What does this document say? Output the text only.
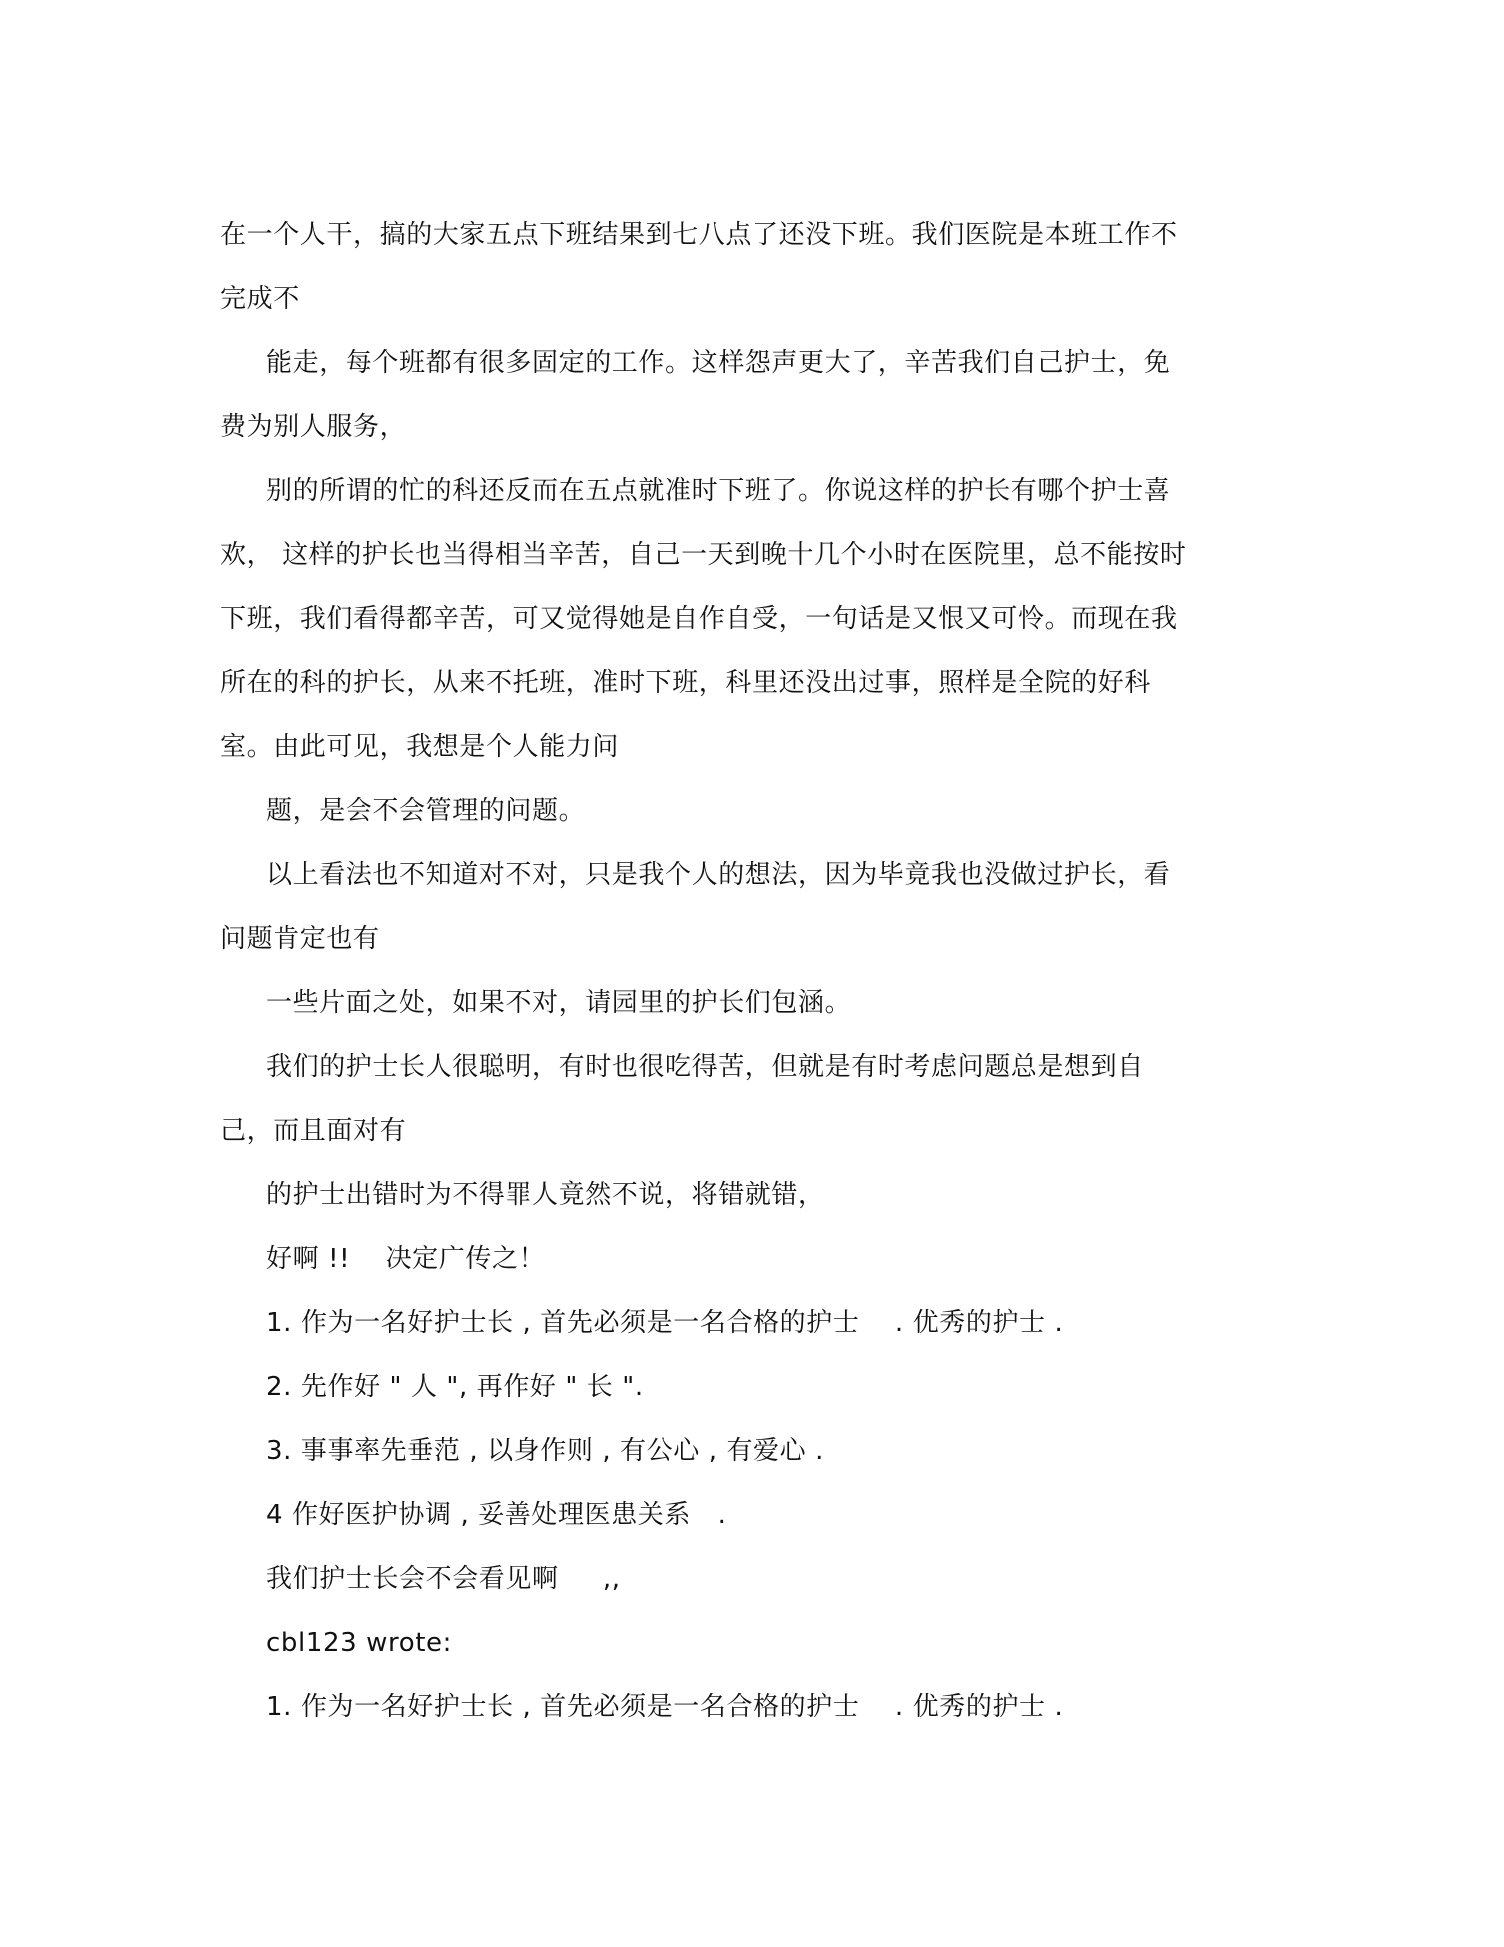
在一个人干，搞的大家五点下班结果到七八点了还没下班。我们医院是本班工作不
完成不
能走，每个班都有很多固定的工作。这样怨声更大了，辛苦我们自己护士，免
费为别人服务，
别的所谓的忙的科还反而在五点就准时下班了。你说这样的护长有哪个护士喜
欢， 这样的护长也当得相当辛苦，自己一天到晚十几个小时在医院里，总不能按时
下班，我们看得都辛苦，可又觉得她是自作自受，一句话是又恨又可怜。而现在我
所在的科的护长，从来不托班，准时下班，科里还没出过事，照样是全院的好科
室。由此可见，我想是个人能力问
题，是会不会管理的问题。
以上看法也不知道对不对，只是我个人的想法，因为毕竟我也没做过护长，看
问题肯定也有
一些片面之处，如果不对，请园里的护长们包涵。
我们的护士长人很聪明，有时也很吃得苦，但就是有时考虑问题总是想到自
己，而且面对有
的护士出错时为不得罪人竟然不说，将错就错，
好啊 !!    决定广传之！
1. 作为一名好护士长 , 首先必须是一名合格的护士    . 优秀的护士 .
2. 先作好 " 人 ", 再作好 " 长 ".
3. 事事率先垂范 , 以身作则 , 有公心 , 有爱心 .
4 作好医护协调 , 妥善处理医患关系   .
我们护士长会不会看见啊     ,,
cbl123 wrote:
1. 作为一名好护士长 , 首先必须是一名合格的护士    . 优秀的护士 .
